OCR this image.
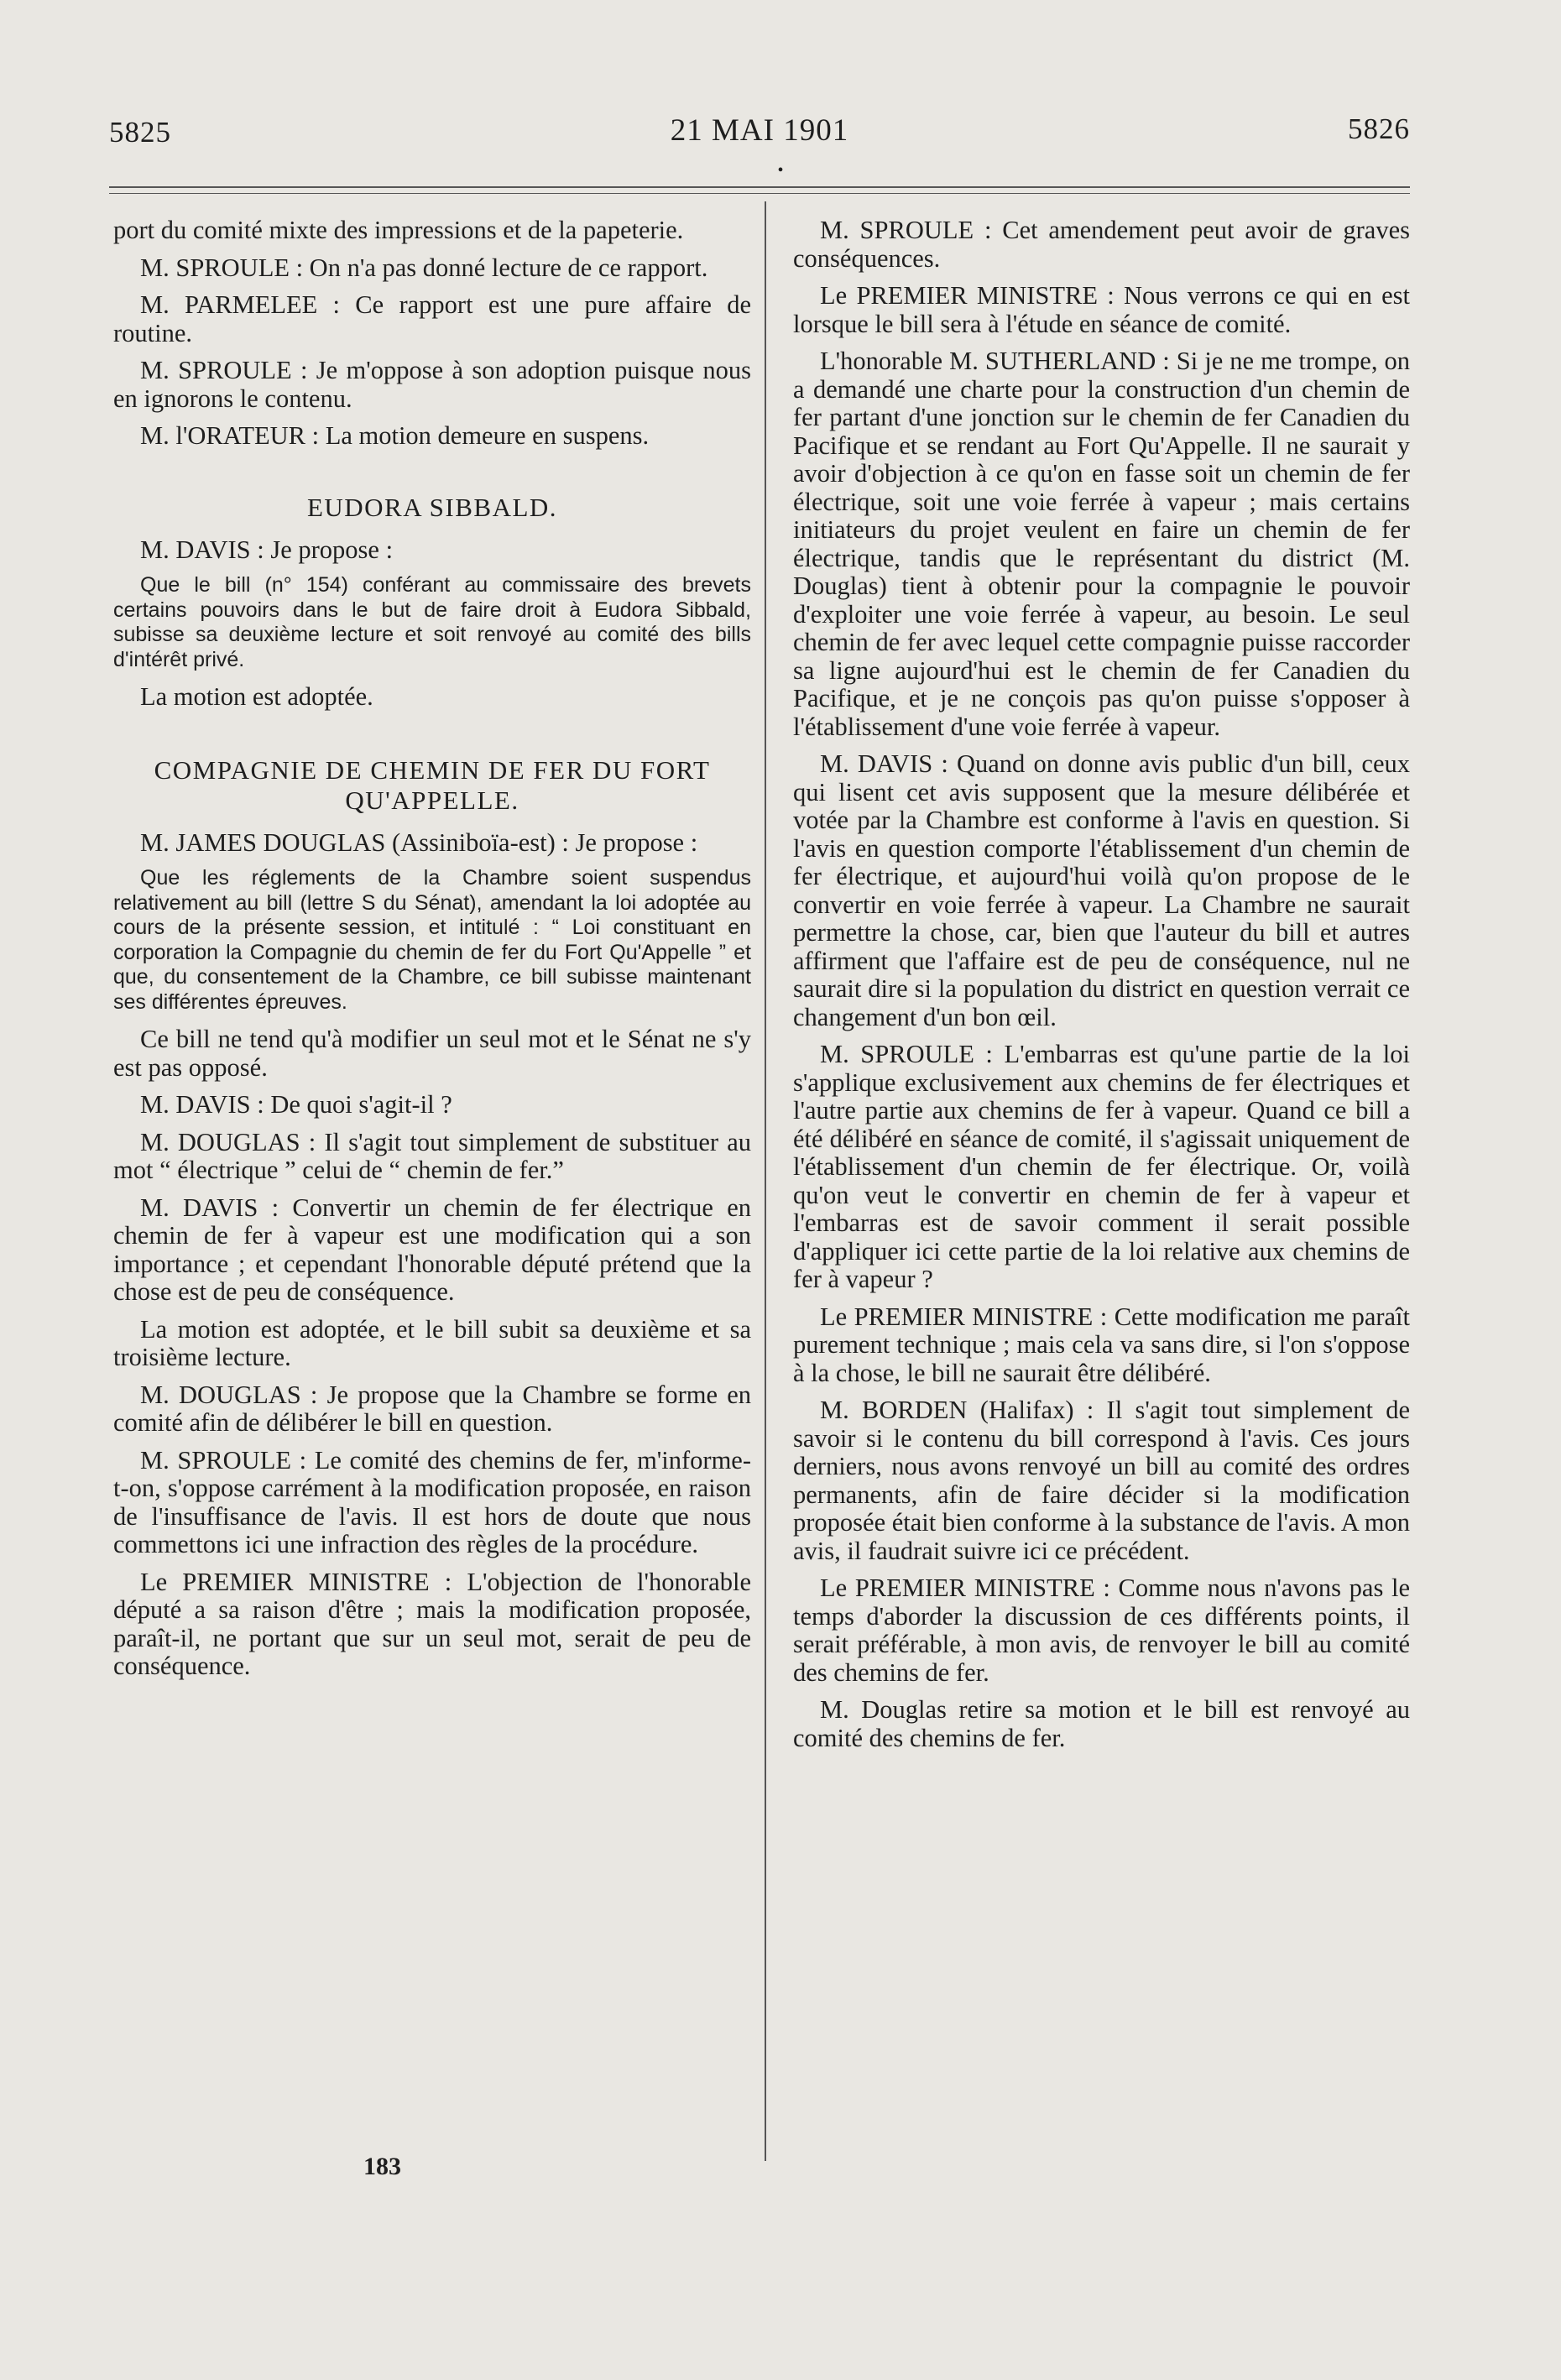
5825	21 MAI 1901	5826
•

port du comité mixte des impressions et de la papeterie.

M. SPROULE : On n'a pas donné lecture de ce rapport.

M. PARMELEE : Ce rapport est une pure affaire de routine.

M. SPROULE : Je m'oppose à son adoption puisque nous en ignorons le contenu.

M. l'ORATEUR : La motion demeure en suspens.

EUDORA SIBBALD.

M. DAVIS : Je propose :

Que le bill (n° 154) conférant au commissaire des brevets certains pouvoirs dans le but de faire droit à Eudora Sibbald, subisse sa deuxième lecture et soit renvoyé au comité des bills d'intérêt privé.

La motion est adoptée.

COMPAGNIE DE CHEMIN DE FER DU FORT QU'APPELLE.

M. JAMES DOUGLAS (Assiniboïa-est) : Je propose :

Que les réglements de la Chambre soient suspendus relativement au bill (lettre S du Sénat), amendant la loi adoptée au cours de la présente session, et intitulé : “ Loi constituant en corporation la Compagnie du chemin de fer du Fort Qu'Appelle ” et que, du consentement de la Chambre, ce bill subisse maintenant ses différentes épreuves.

Ce bill ne tend qu'à modifier un seul mot et le Sénat ne s'y est pas opposé.

M. DAVIS : De quoi s'agit-il ?

M. DOUGLAS : Il s'agit tout simplement de substituer au mot “ électrique ” celui de “ chemin de fer.”

M. DAVIS : Convertir un chemin de fer électrique en chemin de fer à vapeur est une modification qui a son importance ; et cependant l'honorable député prétend que la chose est de peu de conséquence.

La motion est adoptée, et le bill subit sa deuxième et sa troisième lecture.

M. DOUGLAS : Je propose que la Chambre se forme en comité afin de délibérer le bill en question.

M. SPROULE : Le comité des chemins de fer, m'informe-t-on, s'oppose carrément à la modification proposée, en raison de l'insuffisance de l'avis. Il est hors de doute que nous commettons ici une infraction des règles de la procédure.

Le PREMIER MINISTRE : L'objection de l'honorable député a sa raison d'être ; mais la modification proposée, paraît-il, ne portant que sur un seul mot, serait de peu de conséquence.

M. SPROULE : Cet amendement peut avoir de graves conséquences.

Le PREMIER MINISTRE : Nous verrons ce qui en est lorsque le bill sera à l'étude en séance de comité.

L'honorable M. SUTHERLAND : Si je ne me trompe, on a demandé une charte pour la construction d'un chemin de fer partant d'une jonction sur le chemin de fer Canadien du Pacifique et se rendant au Fort Qu'Appelle. Il ne saurait y avoir d'objection à ce qu'on en fasse soit un chemin de fer électrique, soit une voie ferrée à vapeur ; mais certains initiateurs du projet veulent en faire un chemin de fer électrique, tandis que le représentant du district (M. Douglas) tient à obtenir pour la compagnie le pouvoir d'exploiter une voie ferrée à vapeur, au besoin. Le seul chemin de fer avec lequel cette compagnie puisse raccorder sa ligne aujourd'hui est le chemin de fer Canadien du Pacifique, et je ne conçois pas qu'on puisse s'opposer à l'établissement d'une voie ferrée à vapeur.

M. DAVIS : Quand on donne avis public d'un bill, ceux qui lisent cet avis supposent que la mesure délibérée et votée par la Chambre est conforme à l'avis en question. Si l'avis en question comporte l'établissement d'un chemin de fer électrique, et aujourd'hui voilà qu'on propose de le convertir en voie ferrée à vapeur. La Chambre ne saurait permettre la chose, car, bien que l'auteur du bill et autres affirment que l'affaire est de peu de conséquence, nul ne saurait dire si la population du district en question verrait ce changement d'un bon œil.

M. SPROULE : L'embarras est qu'une partie de la loi s'applique exclusivement aux chemins de fer électriques et l'autre partie aux chemins de fer à vapeur. Quand ce bill a été délibéré en séance de comité, il s'agissait uniquement de l'établissement d'un chemin de fer électrique. Or, voilà qu'on veut le convertir en chemin de fer à vapeur et l'embarras est de savoir comment il serait possible d'appliquer ici cette partie de la loi relative aux chemins de fer à vapeur ?

Le PREMIER MINISTRE : Cette modification me paraît purement technique ; mais cela va sans dire, si l'on s'oppose à la chose, le bill ne saurait être délibéré.

M. BORDEN (Halifax) : Il s'agit tout simplement de savoir si le contenu du bill correspond à l'avis. Ces jours derniers, nous avons renvoyé un bill au comité des ordres permanents, afin de faire décider si la modification proposée était bien conforme à la substance de l'avis. A mon avis, il faudrait suivre ici ce précédent.

Le PREMIER MINISTRE : Comme nous n'avons pas le temps d'aborder la discussion de ces différents points, il serait préférable, à mon avis, de renvoyer le bill au comité des chemins de fer.

M. Douglas retire sa motion et le bill est renvoyé au comité des chemins de fer.

183
